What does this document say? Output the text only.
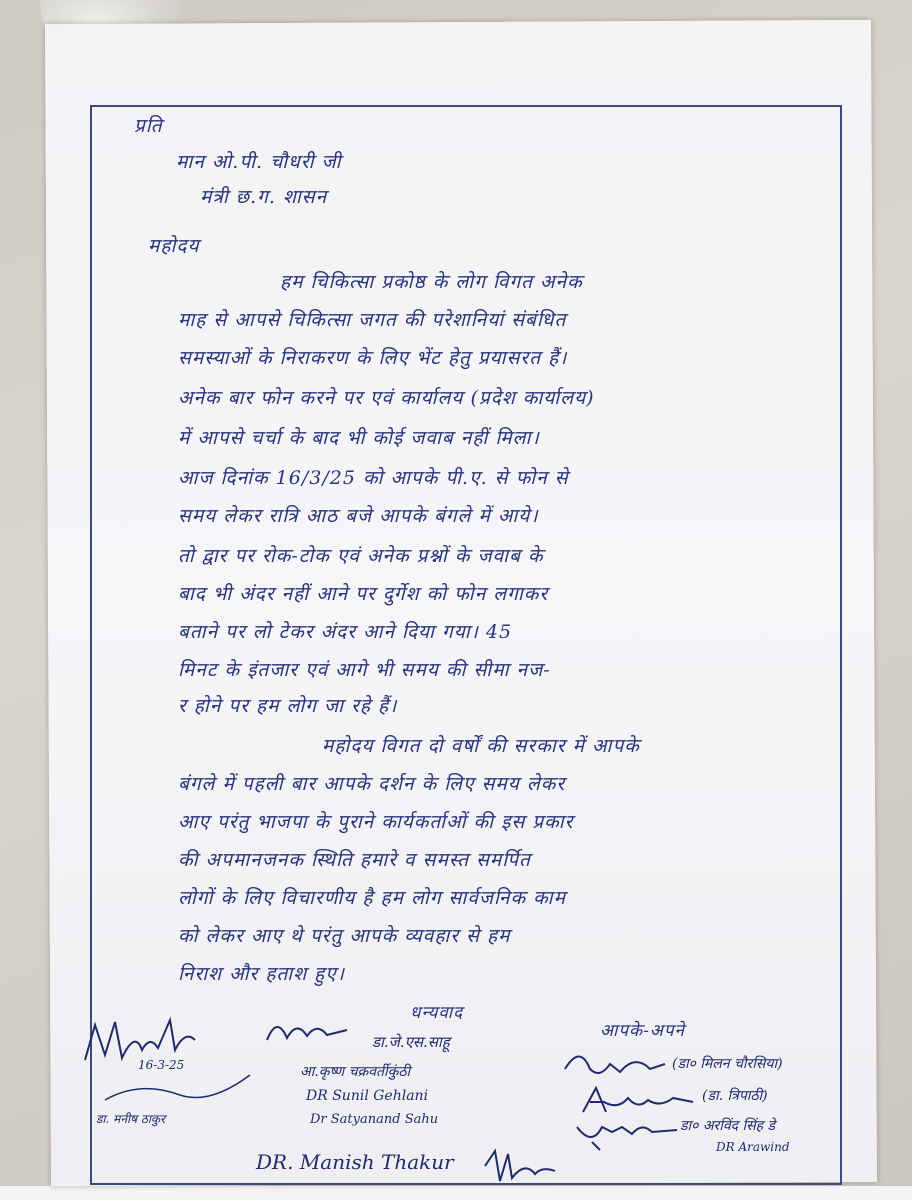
प्रति
मान ओ.पी. चौधरी जी
मंत्री छ.ग. शासन
महोदय
हम चिकित्सा प्रकोष्ठ के लोग विगत अनेक
माह से आपसे चिकित्सा जगत की परेशानियां संबंधित
समस्याओं के निराकरण के लिए भेंट हेतु प्रयासरत हैं।
अनेक बार फोन करने पर एवं कार्यालय (प्रदेश कार्यालय)
में आपसे चर्चा के बाद भी कोई जवाब नहीं मिला।
आज दिनांक 16/3/25 को आपके पी.ए. से फोन से
समय लेकर रात्रि आठ बजे आपके बंगले में आये।
तो द्वार पर रोक-टोक एवं अनेक प्रश्नों के जवाब के
बाद भी अंदर नहीं आने पर दुर्गेश को फोन लगाकर
बताने पर लो टेकर अंदर आने दिया गया। 45
मिनट के इंतजार एवं आगे भी समय की सीमा नज-
र होने पर हम लोग जा रहे हैं।
महोदय विगत दो वर्षों की सरकार में आपके
बंगले में पहली बार आपके दर्शन के लिए समय लेकर
आए परंतु भाजपा के पुराने कार्यकर्ताओं की इस प्रकार
की अपमानजनक स्थिति हमारे व समस्त समर्पित
लोगों के लिए विचारणीय है हम लोग सार्वजनिक काम
को लेकर आए थे परंतु आपके व्यवहार से हम
निराश और हताश हुए।
धन्यवाद
आपके-अपने
डा.जे.एस.साहू
आ.कृष्ण चक्रवर्तीकुंठी
DR Sunil Gehlani
Dr Satyanand Sahu
(डा० मिलन चौरसिया)
(डा. त्रिपाठी)
डा० अरविंद सिंह डे
DR Arawind
DR. Manish Thakur
डा. मनीष ठाकुर
16-3-25
